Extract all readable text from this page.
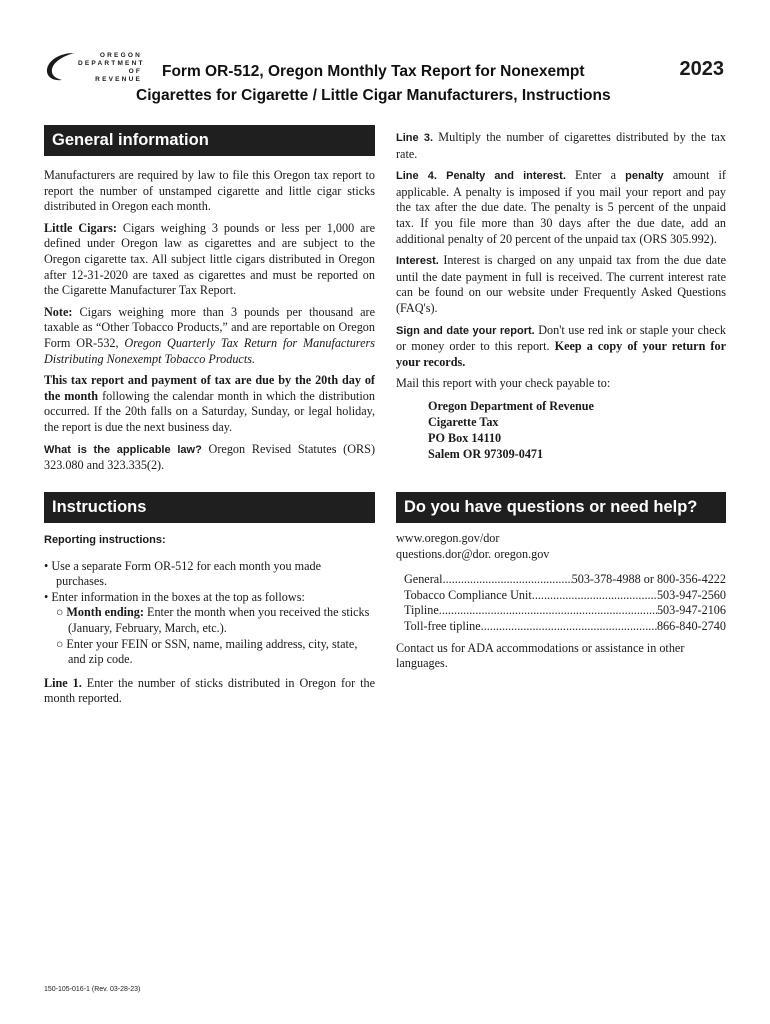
OREGON
DEPARTMENT
OF REVENUE	Form OR-512, Oregon Monthly Tax Report for Nonexempt
Cigarettes for Cigarette / Little Cigar Manufacturers, Instructions
2023
General information

Manufacturers are required by law to file this Oregon tax report to report the number of unstamped cigarette and little cigar sticks distributed in Oregon each month.

Little Cigars: Cigars weighing 3 pounds or less per 1,000 are defined under Oregon law as cigarettes and are subject to the Oregon cigarette tax. All subject little cigars distributed in Oregon after 12-31-2020 are taxed as cigarettes and must be reported on the Cigarette Manufacturer Tax Report.

Note: Cigars weighing more than 3 pounds per thousand are taxable as “Other Tobacco Products,” and are reportable on Oregon Form OR-532, Oregon Quarterly Tax Return for Manufacturers Distributing Nonexempt Tobacco Products.

This tax report and payment of tax are due by the 20th day of the month following the calendar month in which the distribution occurred. If the 20th falls on a Saturday, Sunday, or legal holiday, the report is due the next business day.

What is the applicable law? Oregon Revised Statutes (ORS) 323.080 and 323.335(2).

Instructions

Reporting instructions:

• Use a separate Form OR-512 for each month you made purchases.
• Enter information in the boxes at the top as follows:
○ Month ending: Enter the month when you received the sticks (January, February, March, etc.).
○ Enter your FEIN or SSN, name, mailing address, city, state, and zip code.

Line 1. Enter the number of sticks distributed in Oregon for the month reported.

Line 3. Multiply the number of cigarettes distributed by the tax rate.

Line 4. Penalty and interest. Enter a penalty amount if applicable. A penalty is imposed if you mail your report and pay the tax after the due date. The penalty is 5 percent of the unpaid tax. If you file more than 30 days after the due date, add an additional penalty of 20 percent of the unpaid tax (ORS 305.992).

Interest. Interest is charged on any unpaid tax from the due date until the date payment in full is received. The current interest rate can be found on our website under Frequently Asked Questions (FAQ's).

Sign and date your report. Don't use red ink or staple your check or money order to this report. Keep a copy of your return for your records.

Mail this report with your check payable to:

Oregon Department of Revenue
Cigarette Tax
PO Box 14110
Salem OR 97309-0471
Do you have questions or need help?
www.oregon.gov/dor
questions.dor@dor. oregon.gov
General .....	503-378-4988 or 800-356-4222
Tobacco Compliance Unit .....	503-947-2560
Tipline .....	503-947-2106
Toll-free tipline .....	866-840-2740

Contact us for ADA accommodations or assistance in other languages.

150-105-016-1 (Rev. 03-28-23)
